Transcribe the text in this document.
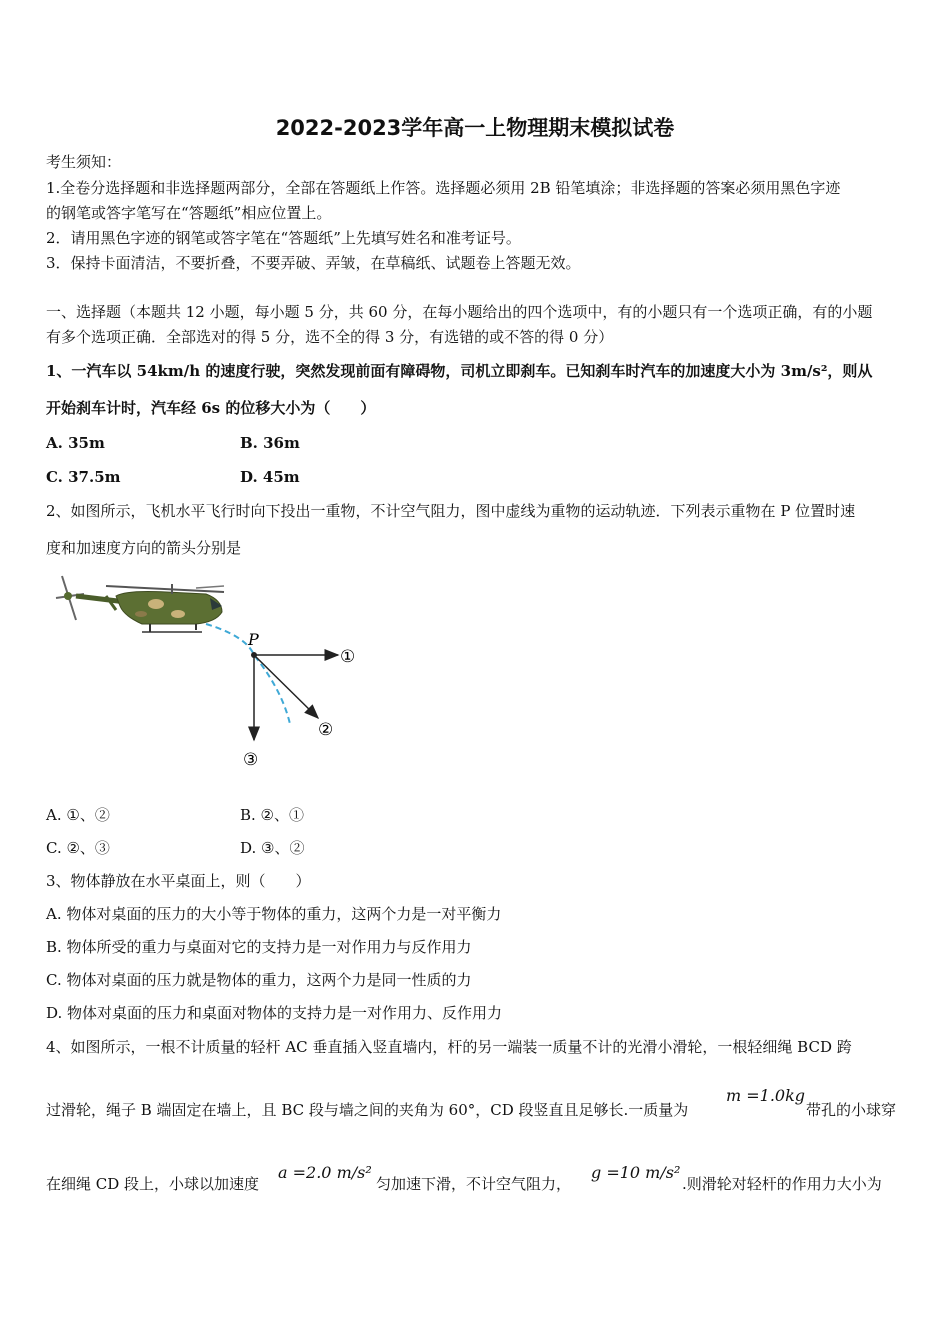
2022-2023学年高一上物理期末模拟试卷
考生须知：
1.全卷分选择题和非选择题两部分，全部在答题纸上作答。选择题必须用 2B 铅笔填涂；非选择题的答案必须用黑色字迹
的钢笔或答字笔写在“答题纸”相应位置上。
2．请用黑色字迹的钢笔或答字笔在“答题纸”上先填写姓名和准考证号。
3．保持卡面清洁，不要折叠，不要弄破、弄皱，在草稿纸、试题卷上答题无效。
一、选择题（本题共 12 小题，每小题 5 分，共 60 分，在每小题给出的四个选项中，有的小题只有一个选项正确，有的小题
有多个选项正确．全部选对的得 5 分，选不全的得 3 分，有选错的或不答的得 0 分）
1、一汽车以 54km/h 的速度行驶，突然发现前面有障碍物，司机立即刹车。已知刹车时汽车的加速度大小为 3m/s²，则从
开始刹车计时，汽车经 6s 的位移大小为（　　）
A. 35m	B. 36m
C. 37.5m	D. 45m
2、如图所示，飞机水平飞行时向下投出一重物，不计空气阻力，图中虚线为重物的运动轨迹．下列表示重物在 P 位置时速
度和加速度方向的箭头分别是
P
①
②
③
A. ①、②	B. ②、①
C. ②、③	D. ③、②
3、物体静放在水平桌面上，则（　　）
A. 物体对桌面的压力的大小等于物体的重力，这两个力是一对平衡力
B. 物体所受的重力与桌面对它的支持力是一对作用力与反作用力
C. 物体对桌面的压力就是物体的重力，这两个力是同一性质的力
D. 物体对桌面的压力和桌面对物体的支持力是一对作用力、反作用力
4、如图所示，一根不计质量的轻杆 AC 垂直插入竖直墙内，杆的另一端装一质量不计的光滑小滑轮，一根轻细绳 BCD 跨
过滑轮，绳子 B 端固定在墙上，且 BC 段与墙之间的夹角为 60°，CD 段竖直且足够长.一质量为
m =1.0kg
带孔的小球穿
在细绳 CD 段上，小球以加速度
a =2.0 m/s²
匀加速下滑，不计空气阻力，
g =10 m/s²
.则滑轮对轻杆的作用力大小为
